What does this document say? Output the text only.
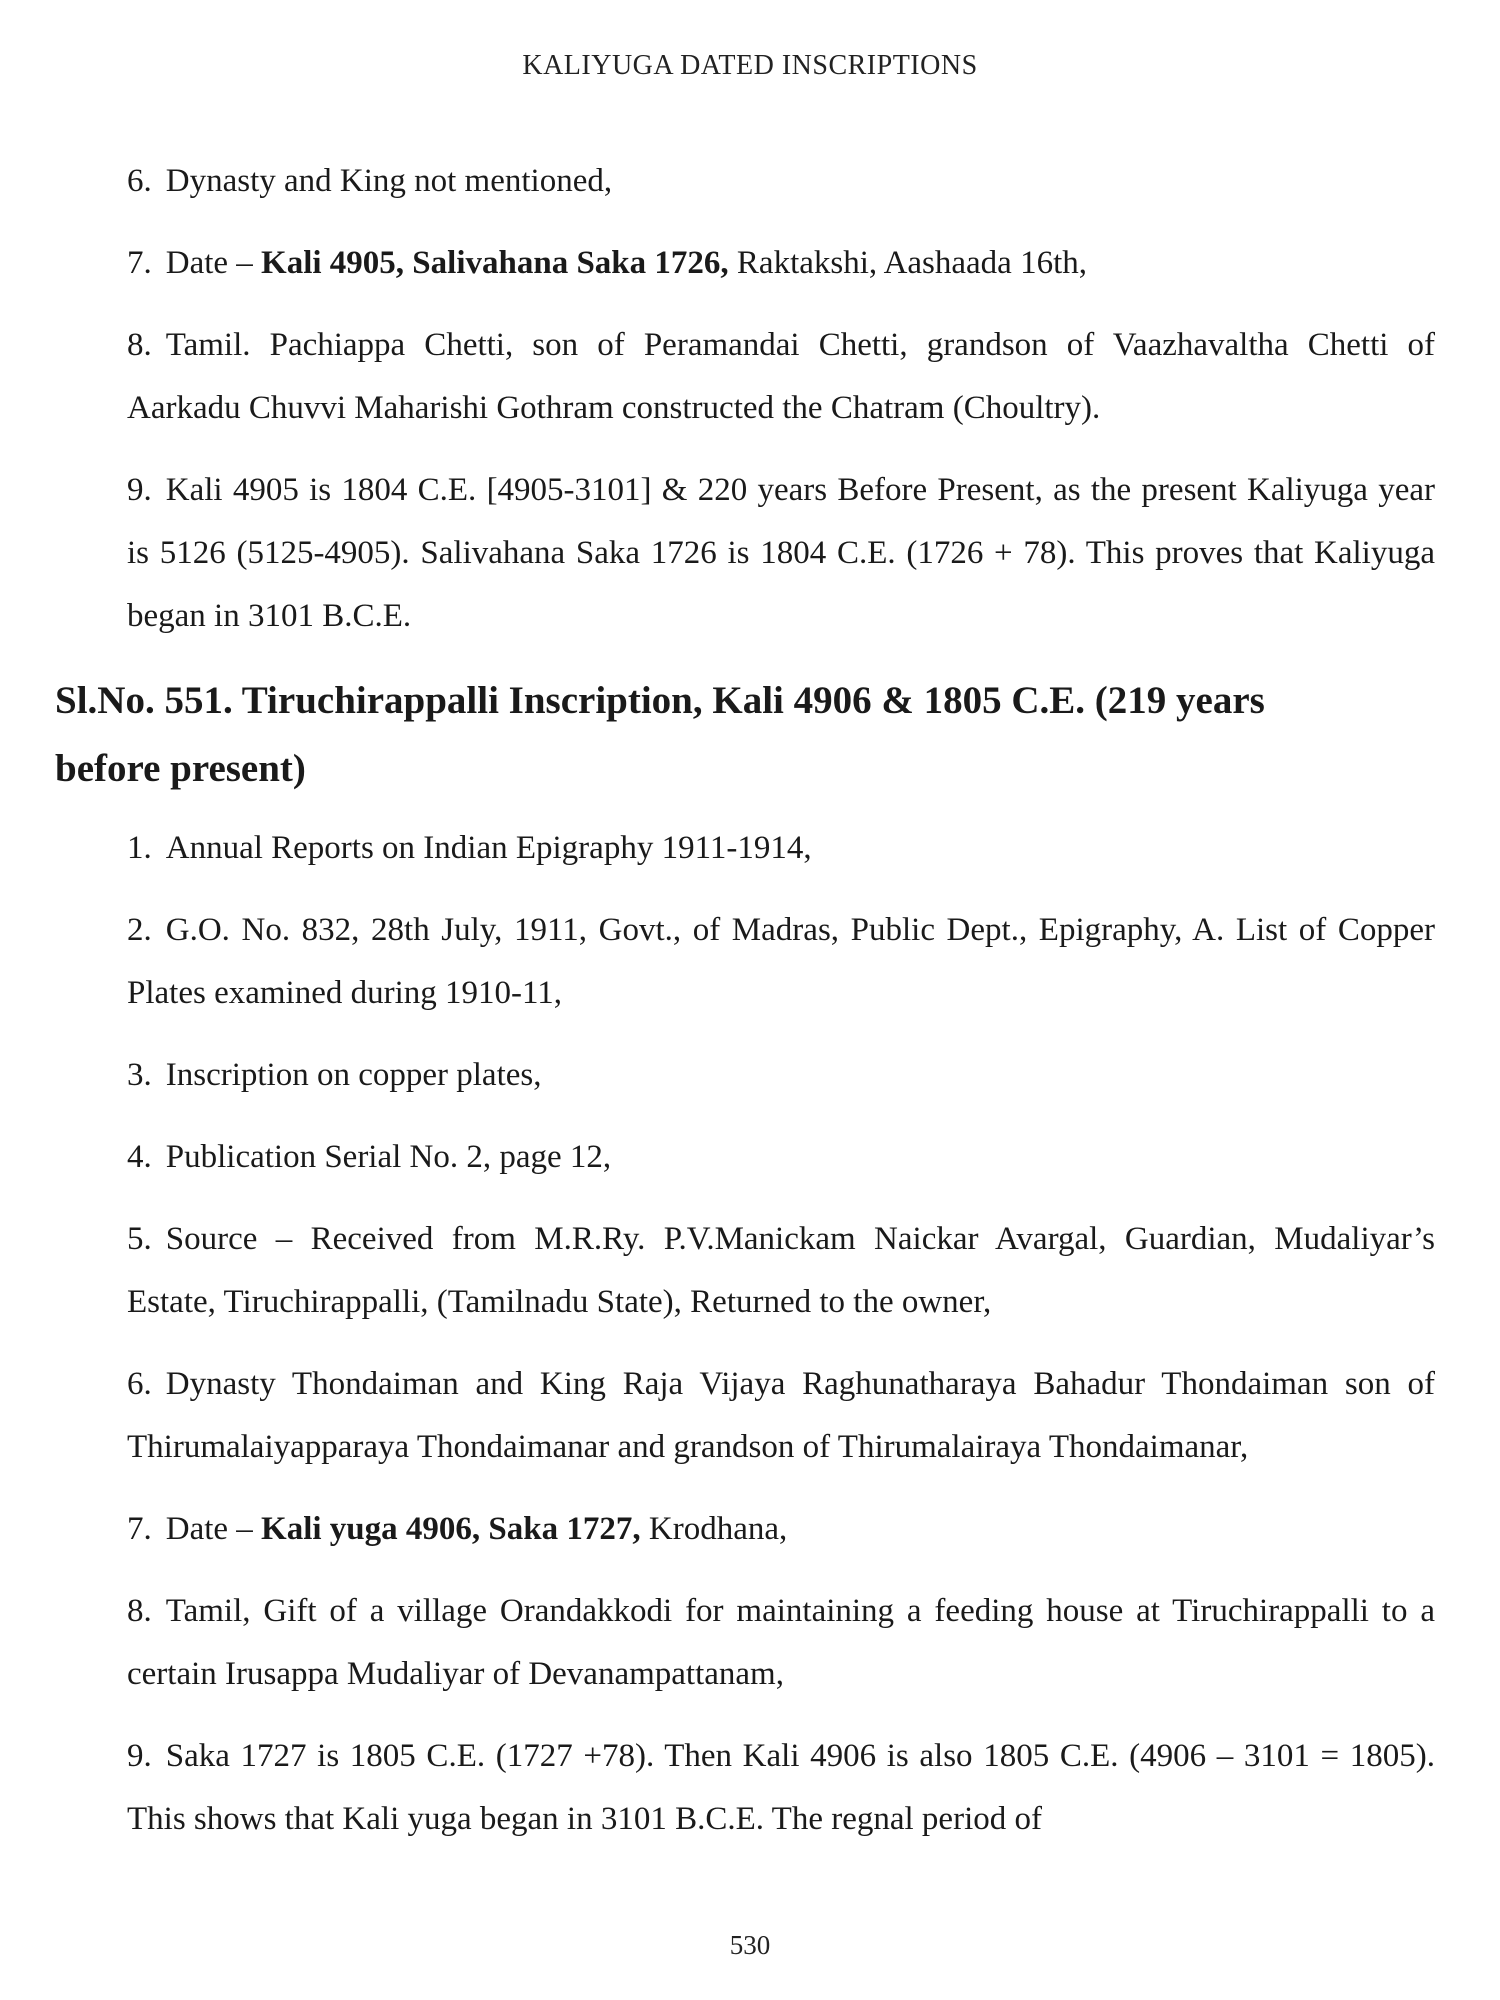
KALIYUGA DATED INSCRIPTIONS
6. Dynasty and King not mentioned,
7. Date – Kali 4905, Salivahana Saka 1726, Raktakshi, Aashaada 16th,
8. Tamil. Pachiappa Chetti, son of Peramandai Chetti, grandson of Vaazhavaltha Chetti of Aarkadu Chuvvi Maharishi Gothram constructed the Chatram (Choultry).
9. Kali 4905 is 1804 C.E. [4905-3101] & 220 years Before Present, as the present Kaliyuga year is 5126 (5125-4905). Salivahana Saka 1726 is 1804 C.E. (1726 + 78). This proves that Kaliyuga began in 3101 B.C.E.
Sl.No. 551. Tiruchirappalli Inscription, Kali 4906 & 1805 C.E. (219 years before present)
1. Annual Reports on Indian Epigraphy 1911-1914,
2. G.O. No. 832, 28th July, 1911, Govt., of Madras, Public Dept., Epigraphy, A. List of Copper Plates examined during 1910-11,
3. Inscription on copper plates,
4. Publication Serial No. 2, page 12,
5. Source – Received from M.R.Ry. P.V.Manickam Naickar Avargal, Guardian, Mudaliyar’s Estate, Tiruchirappalli, (Tamilnadu State), Returned to the owner,
6. Dynasty Thondaiman and King Raja Vijaya Raghunatharaya Bahadur Thondaiman son of Thirumalaiyapparaya Thondaimanar and grandson of Thirumalairaya Thondaimanar,
7. Date – Kali yuga 4906, Saka 1727, Krodhana,
8. Tamil, Gift of a village Orandakkodi for maintaining a feeding house at Tiruchirappalli to a certain Irusappa Mudaliyar of Devanampattanam,
9. Saka 1727 is 1805 C.E. (1727 +78). Then Kali 4906 is also 1805 C.E. (4906 – 3101 = 1805). This shows that Kali yuga began in 3101 B.C.E. The regnal period of
530
